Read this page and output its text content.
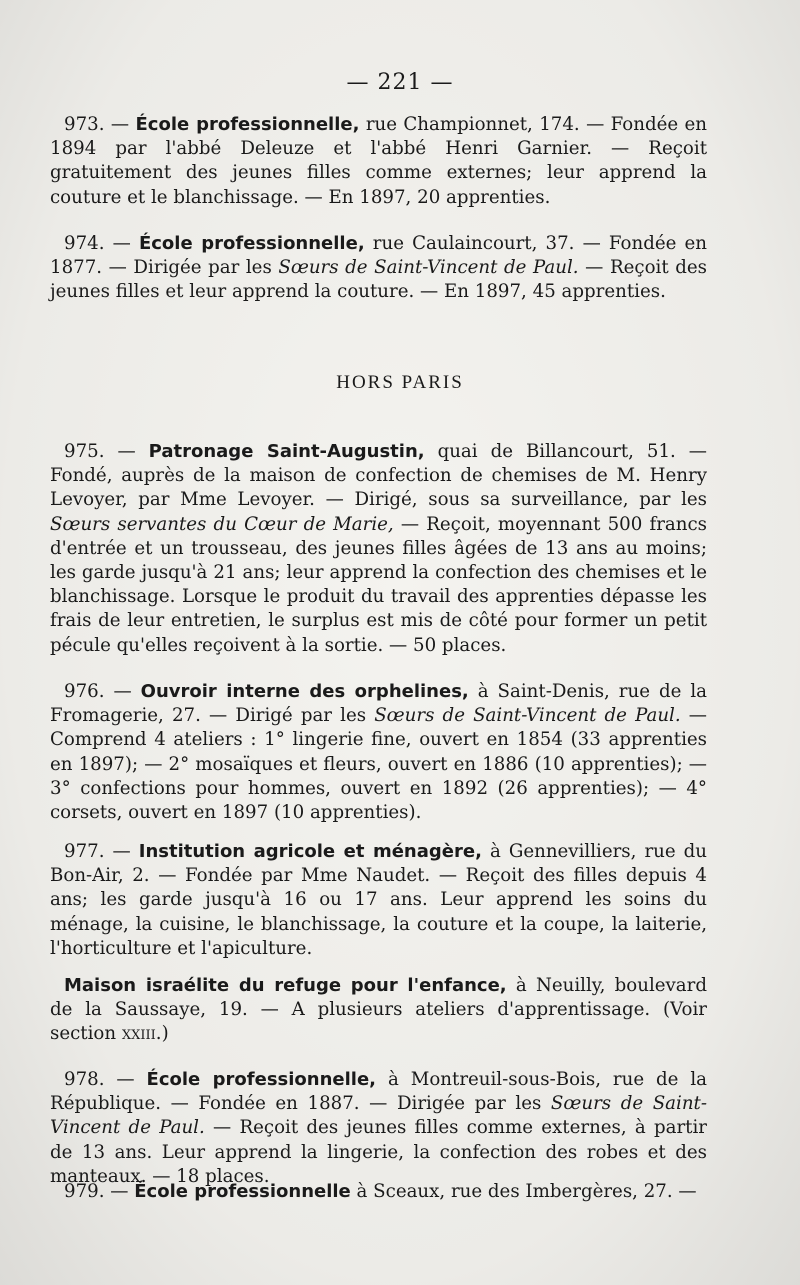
— 221 —

973. — École professionnelle, rue Championnet, 174. — Fondée en 1894 par l'abbé Deleuze et l'abbé Henri Garnier. — Reçoit gratuitement des jeunes filles comme externes; leur apprend la couture et le blanchissage. — En 1897, 20 apprenties.

974. — École professionnelle, rue Caulaincourt, 37. — Fondée en 1877. — Dirigée par les Sœurs de Saint-Vincent de Paul. — Reçoit des jeunes filles et leur apprend la couture. — En 1897, 45 apprenties.

HORS PARIS

975. — Patronage Saint-Augustin, quai de Billancourt, 51. — Fondé, auprès de la maison de confection de chemises de M. Henry Levoyer, par Mme Levoyer. — Dirigé, sous sa surveillance, par les Sœurs servantes du Cœur de Marie, — Reçoit, moyennant 500 francs d'entrée et un trousseau, des jeunes filles âgées de 13 ans au moins; les garde jusqu'à 21 ans; leur apprend la confection des chemises et le blanchissage. Lorsque le produit du travail des apprenties dépasse les frais de leur entretien, le surplus est mis de côté pour former un petit pécule qu'elles reçoivent à la sortie. — 50 places.

976. — Ouvroir interne des orphelines, à Saint-Denis, rue de la Fromagerie, 27. — Dirigé par les Sœurs de Saint-Vincent de Paul. — Comprend 4 ateliers : 1° lingerie fine, ouvert en 1854 (33 apprenties en 1897); — 2° mosaïques et fleurs, ouvert en 1886 (10 apprenties); — 3° confections pour hommes, ouvert en 1892 (26 apprenties); — 4° corsets, ouvert en 1897 (10 apprenties).

977. — Institution agricole et ménagère, à Gennevilliers, rue du Bon-Air, 2. — Fondée par Mme Naudet. — Reçoit des filles depuis 4 ans; les garde jusqu'à 16 ou 17 ans. Leur apprend les soins du ménage, la cuisine, le blanchissage, la couture et la coupe, la laiterie, l'horticulture et l'apiculture.

Maison israélite du refuge pour l'enfance, à Neuilly, boulevard de la Saussaye, 19. — A plusieurs ateliers d'apprentissage. (Voir section xxiii.)

978. — École professionnelle, à Montreuil-sous-Bois, rue de la République. — Fondée en 1887. — Dirigée par les Sœurs de Saint-Vincent de Paul. — Reçoit des jeunes filles comme externes, à partir de 13 ans. Leur apprend la lingerie, la confection des robes et des manteaux. — 18 places.

979. — École professionnelle à Sceaux, rue des Imbergères, 27. —
